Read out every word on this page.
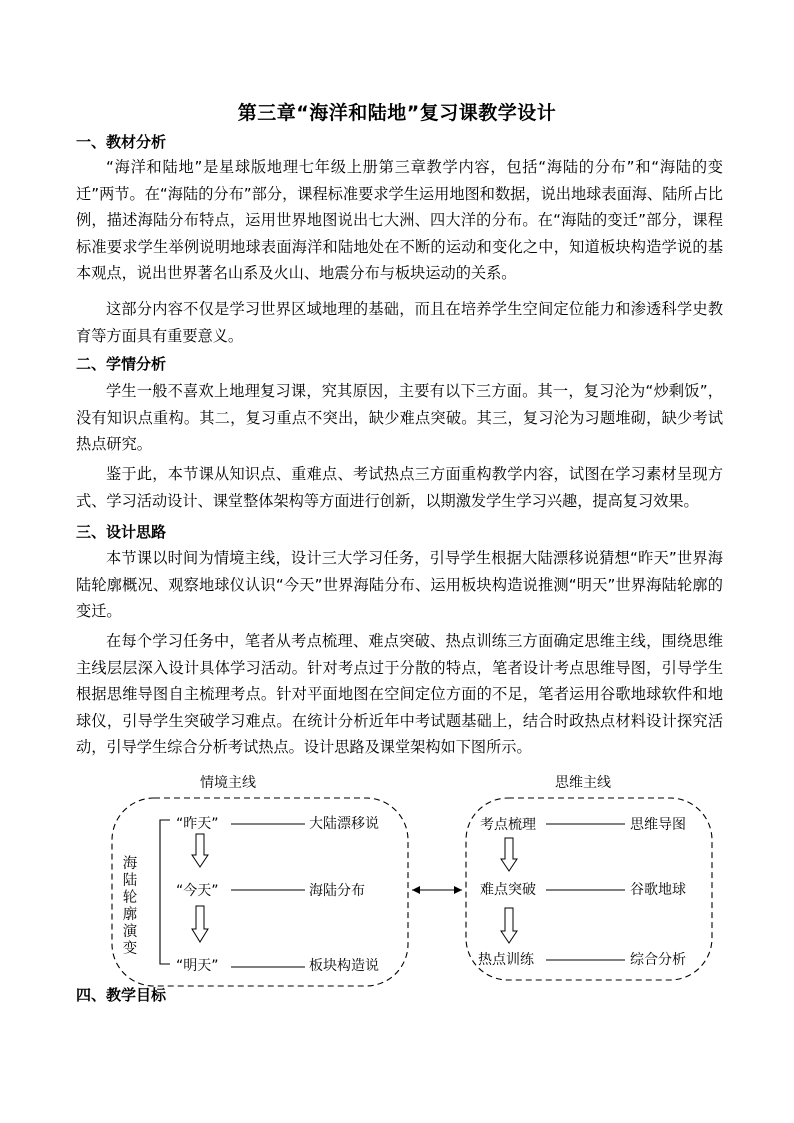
第三章“海洋和陆地”复习课教学设计
一、教材分析
“海洋和陆地”是星球版地理七年级上册第三章教学内容，包括“海陆的分布”和“海陆的变迁”两节。在“海陆的分布”部分，课程标准要求学生运用地图和数据，说出地球表面海、陆所占比例，描述海陆分布特点，运用世界地图说出七大洲、四大洋的分布。在“海陆的变迁”部分，课程标准要求学生举例说明地球表面海洋和陆地处在不断的运动和变化之中，知道板块构造学说的基本观点，说出世界著名山系及火山、地震分布与板块运动的关系。
这部分内容不仅是学习世界区域地理的基础，而且在培养学生空间定位能力和渗透科学史教育等方面具有重要意义。
二、学情分析
学生一般不喜欢上地理复习课，究其原因，主要有以下三方面。其一，复习沦为“炒剩饭”，没有知识点重构。其二，复习重点不突出，缺少难点突破。其三，复习沦为习题堆砌，缺少考试热点研究。
鉴于此，本节课从知识点、重难点、考试热点三方面重构教学内容，试图在学习素材呈现方式、学习活动设计、课堂整体架构等方面进行创新，以期激发学生学习兴趣，提高复习效果。
三、设计思路
本节课以时间为情境主线，设计三大学习任务，引导学生根据大陆漂移说猜想“昨天”世界海陆轮廓概况、观察地球仪认识“今天”世界海陆分布、运用板块构造说推测“明天”世界海陆轮廓的变迁。
在每个学习任务中，笔者从考点梳理、难点突破、热点训练三方面确定思维主线，围绕思维主线层层深入设计具体学习活动。针对考点过于分散的特点，笔者设计考点思维导图，引导学生根据思维导图自主梳理考点。针对平面地图在空间定位方面的不足，笔者运用谷歌地球软件和地球仪，引导学生突破学习难点。在统计分析近年中考试题基础上，结合时政热点材料设计探究活动，引导学生综合分析考试热点。设计思路及课堂架构如下图所示。
情境主线	思维主线
海
陆
轮
廓
演
变
“昨天”	大陆漂移说
“今天”	海陆分布
“明天”	板块构造说
考点梳理	思维导图
难点突破	谷歌地球
热点训练	综合分析
四、教学目标
